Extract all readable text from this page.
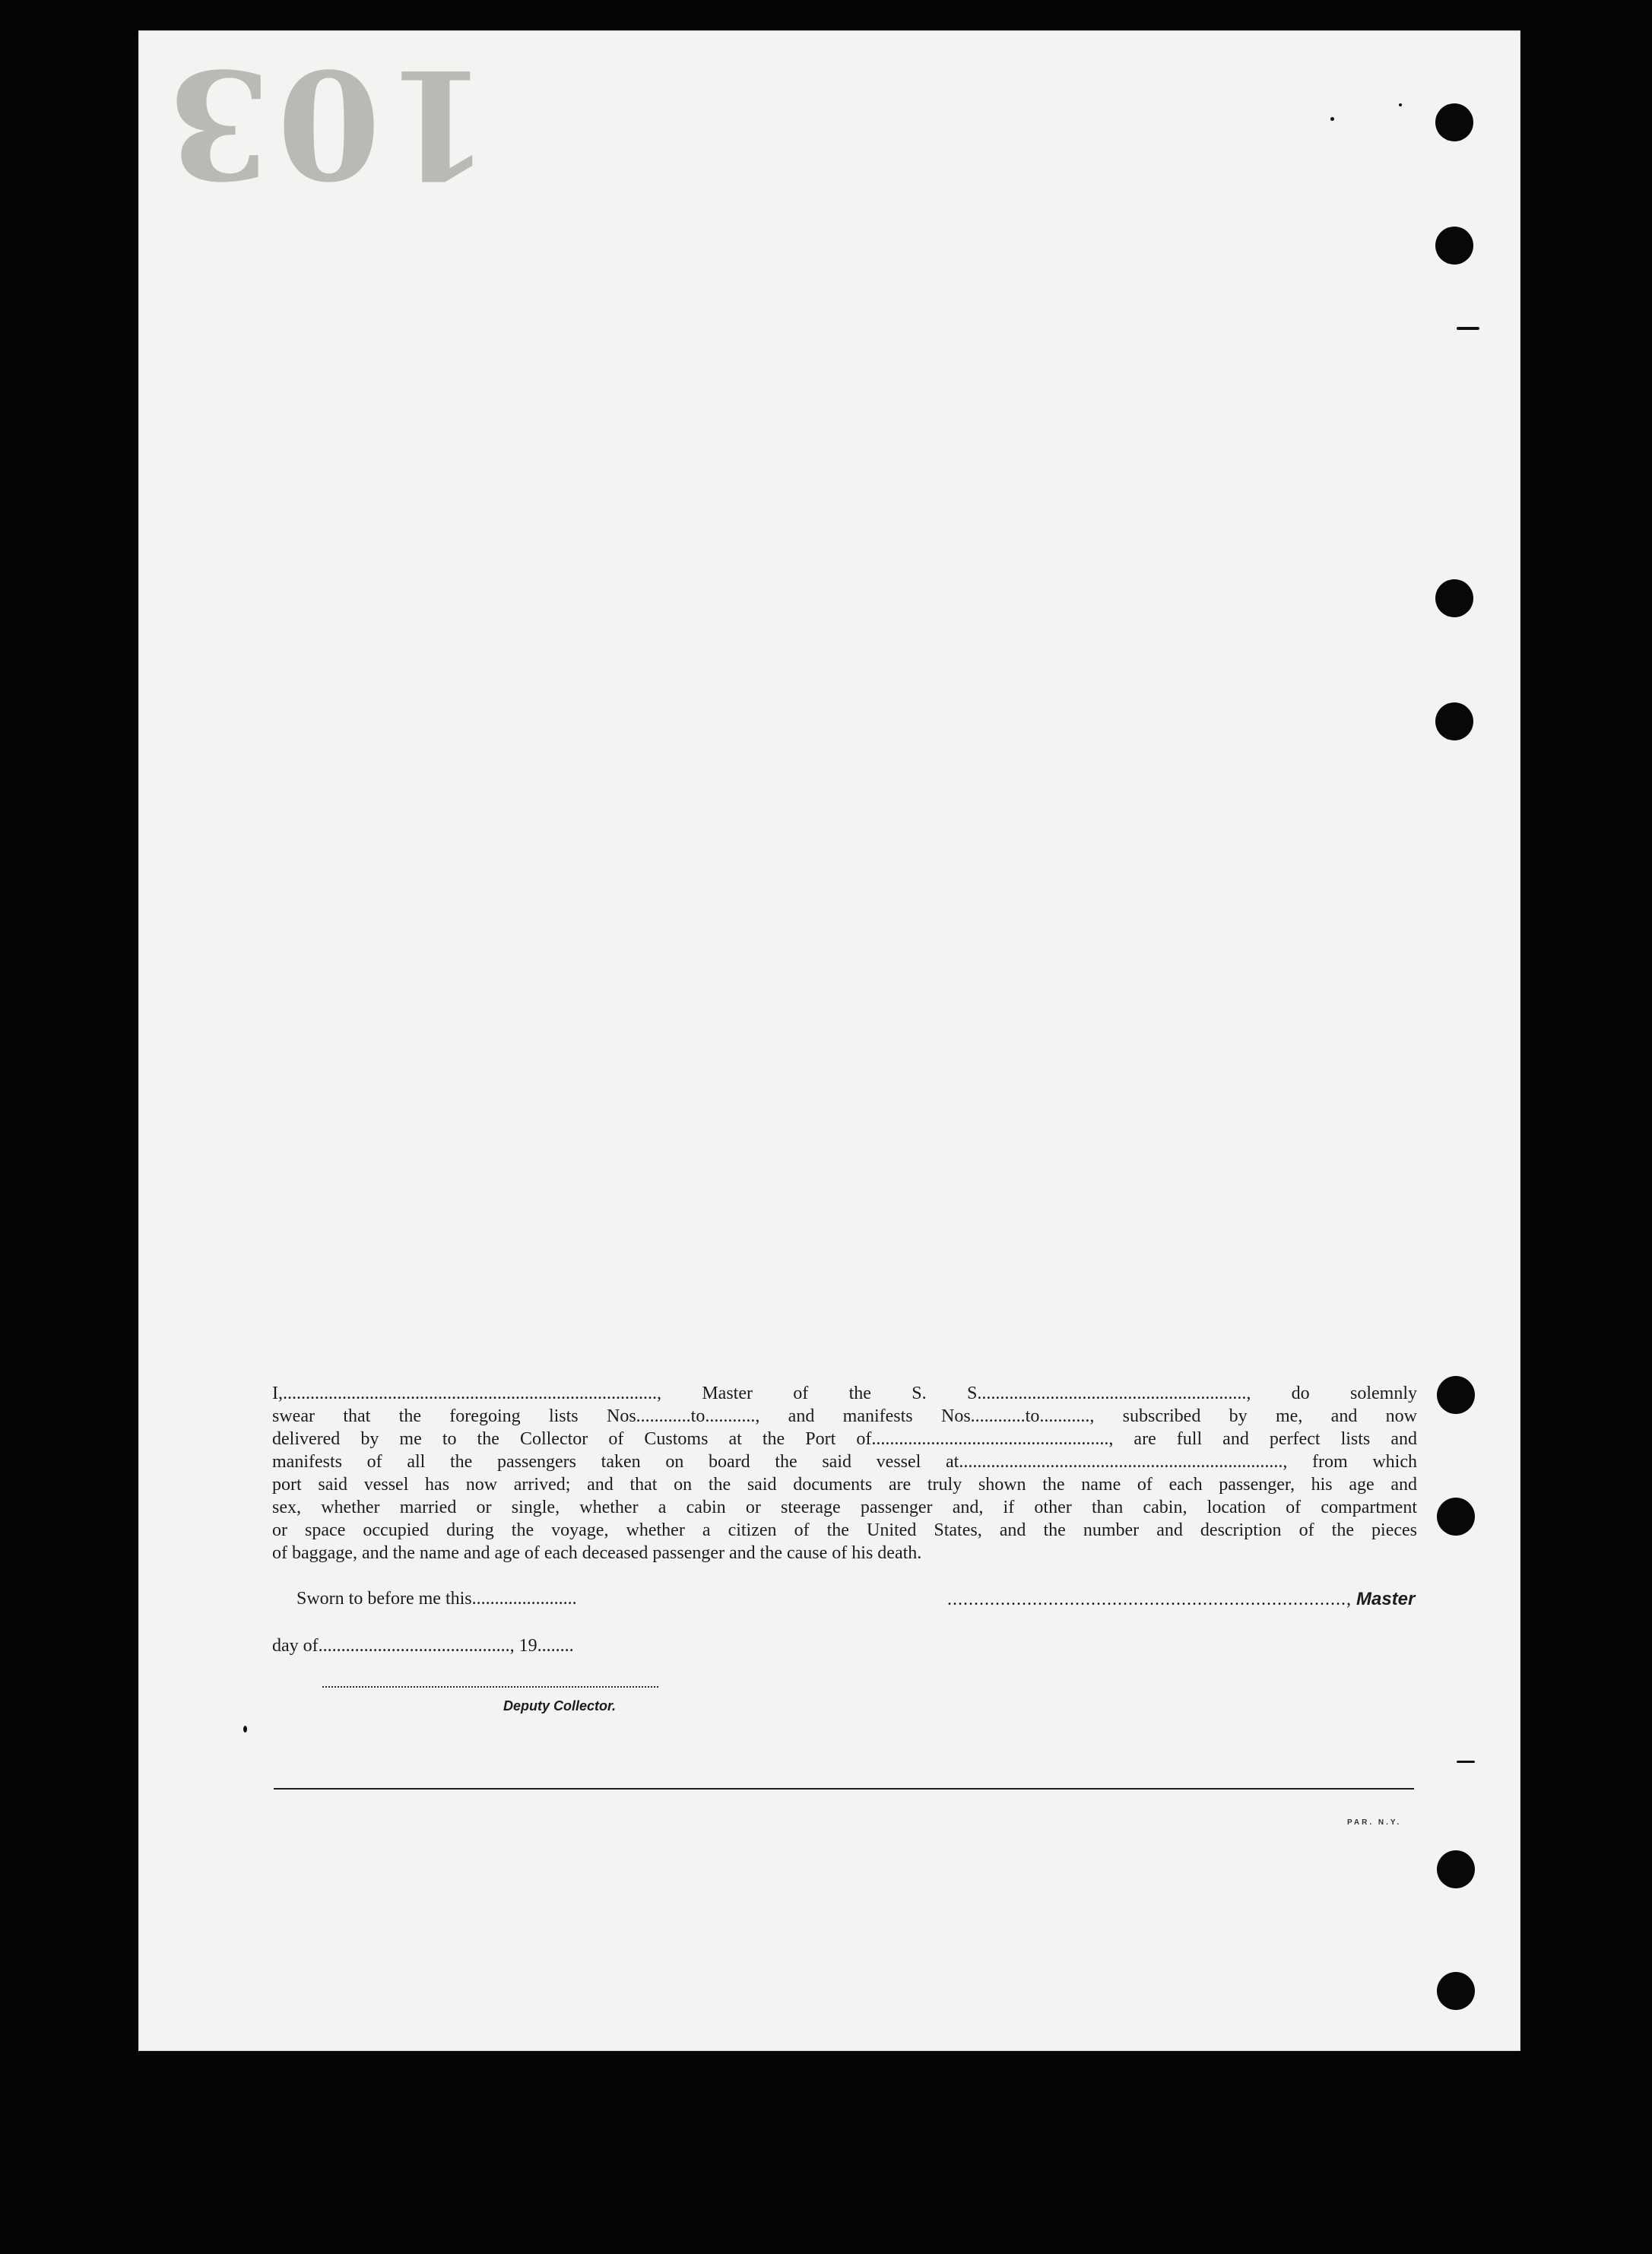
103

I,.................................................................................., Master of the S. S..........................................................., do solemnly

swear that the foregoing lists Nos............to..........., and manifests Nos............to..........., subscribed by me, and now

delivered by me to the Collector of Customs at the Port of...................................................., are full and perfect lists and

manifests of all the passengers taken on board the said vessel at......................................................................., from which

port said vessel has now arrived; and that on the said documents are truly shown the name of each passenger, his age and

sex, whether married or single, whether a cabin or steerage passenger and, if other than cabin, location of compartment

or space occupied during the voyage, whether a citizen of the United States, and the number and description of the pieces

of baggage, and the name and age of each deceased passenger and the cause of his death.

Sworn to before me this.......................	..........................................................................., Master
day of.........................................., 19........
Deputy Collector.
PAR. N.Y.
